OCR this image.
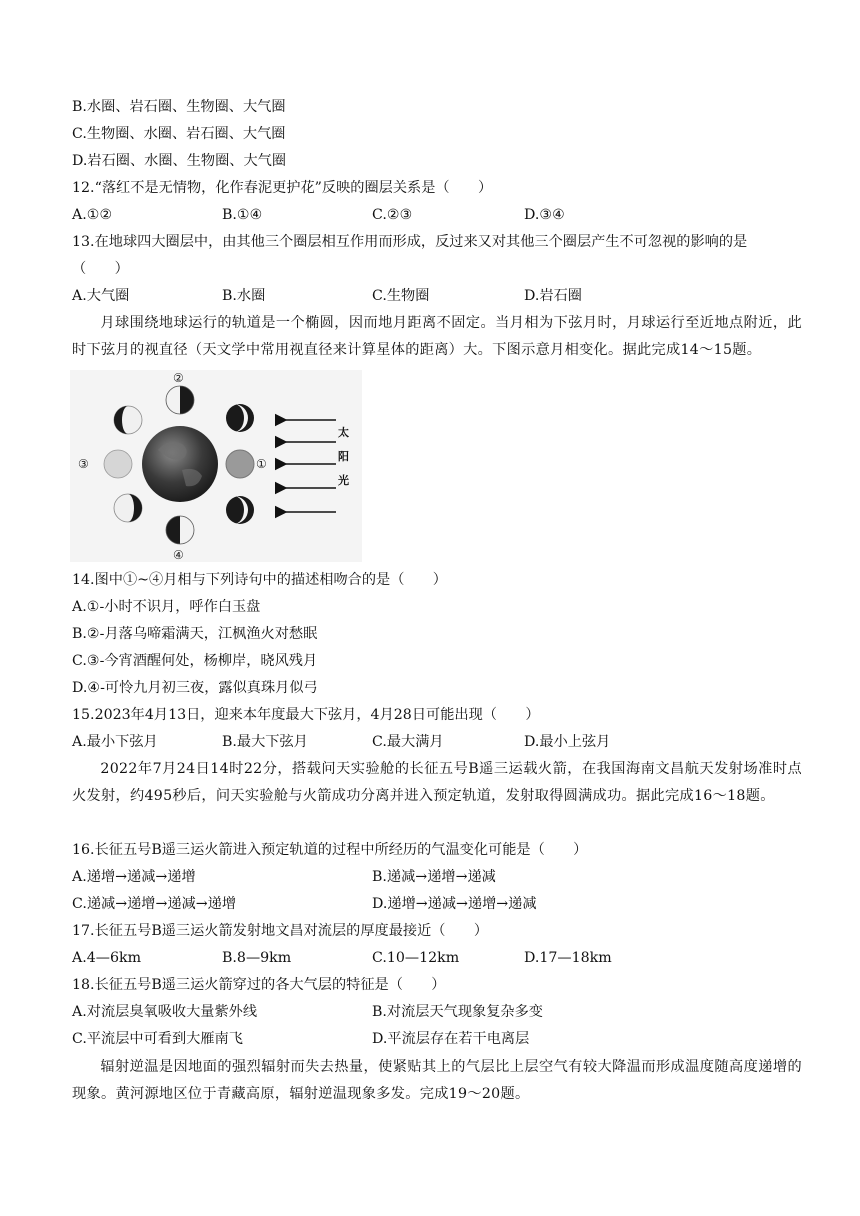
B.水圈、岩石圈、生物圈、大气圈
C.生物圈、水圈、岩石圈、大气圈
D.岩石圈、水圈、生物圈、大气圈
12.“落红不是无情物，化作春泥更护花”反映的圈层关系是（　　）
A.①②	B.①④	C.②③	D.③④
13.在地球四大圈层中，由其他三个圈层相互作用而形成，反过来又对其他三个圈层产生不可忽视的影响的是
（　　）
A.大气圈	B.水圈	C.生物圈	D.岩石圈
月球围绕地球运行的轨道是一个椭圆，因而地月距离不固定。当月相为下弦月时，月球运行至近地点附近，此时下弦月的视直径（天文学中常用视直径来计算星体的距离）大。下图示意月相变化。据此完成14～15题。
①
②
③
④
太
阳
光
14.图中①~④月相与下列诗句中的描述相吻合的是（　　）
A.①-小时不识月，呼作白玉盘
B.②-月落乌啼霜满天，江枫渔火对愁眠
C.③-今宵酒醒何处，杨柳岸，晓风残月
D.④-可怜九月初三夜，露似真珠月似弓
15.2023年4月13日，迎来本年度最大下弦月，4月28日可能出现（　　）
A.最小下弦月	B.最大下弦月	C.最大满月	D.最小上弦月
2022年7月24日14时22分，搭载问天实验舱的长征五号B遥三运载火箭，在我国海南文昌航天发射场准时点火发射，约495秒后，问天实验舱与火箭成功分离并进入预定轨道，发射取得圆满成功。据此完成16～18题。
16.长征五号B遥三运火箭进入预定轨道的过程中所经历的气温变化可能是（　　）
A.递增→递减→递增	B.递减→递增→递减
C.递减→递增→递减→递增	D.递增→递减→递增→递减
17.长征五号B遥三运火箭发射地文昌对流层的厚度最接近（　　）
A.4—6km	B.8—9km	C.10—12km	D.17—18km
18.长征五号B遥三运火箭穿过的各大气层的特征是（　　）
A.对流层臭氧吸收大量紫外线	B.对流层天气现象复杂多变
C.平流层中可看到大雁南飞	D.平流层存在若干电离层
辐射逆温是因地面的强烈辐射而失去热量，使紧贴其上的气层比上层空气有较大降温而形成温度随高度递增的现象。黄河源地区位于青藏高原，辐射逆温现象多发。完成19～20题。
